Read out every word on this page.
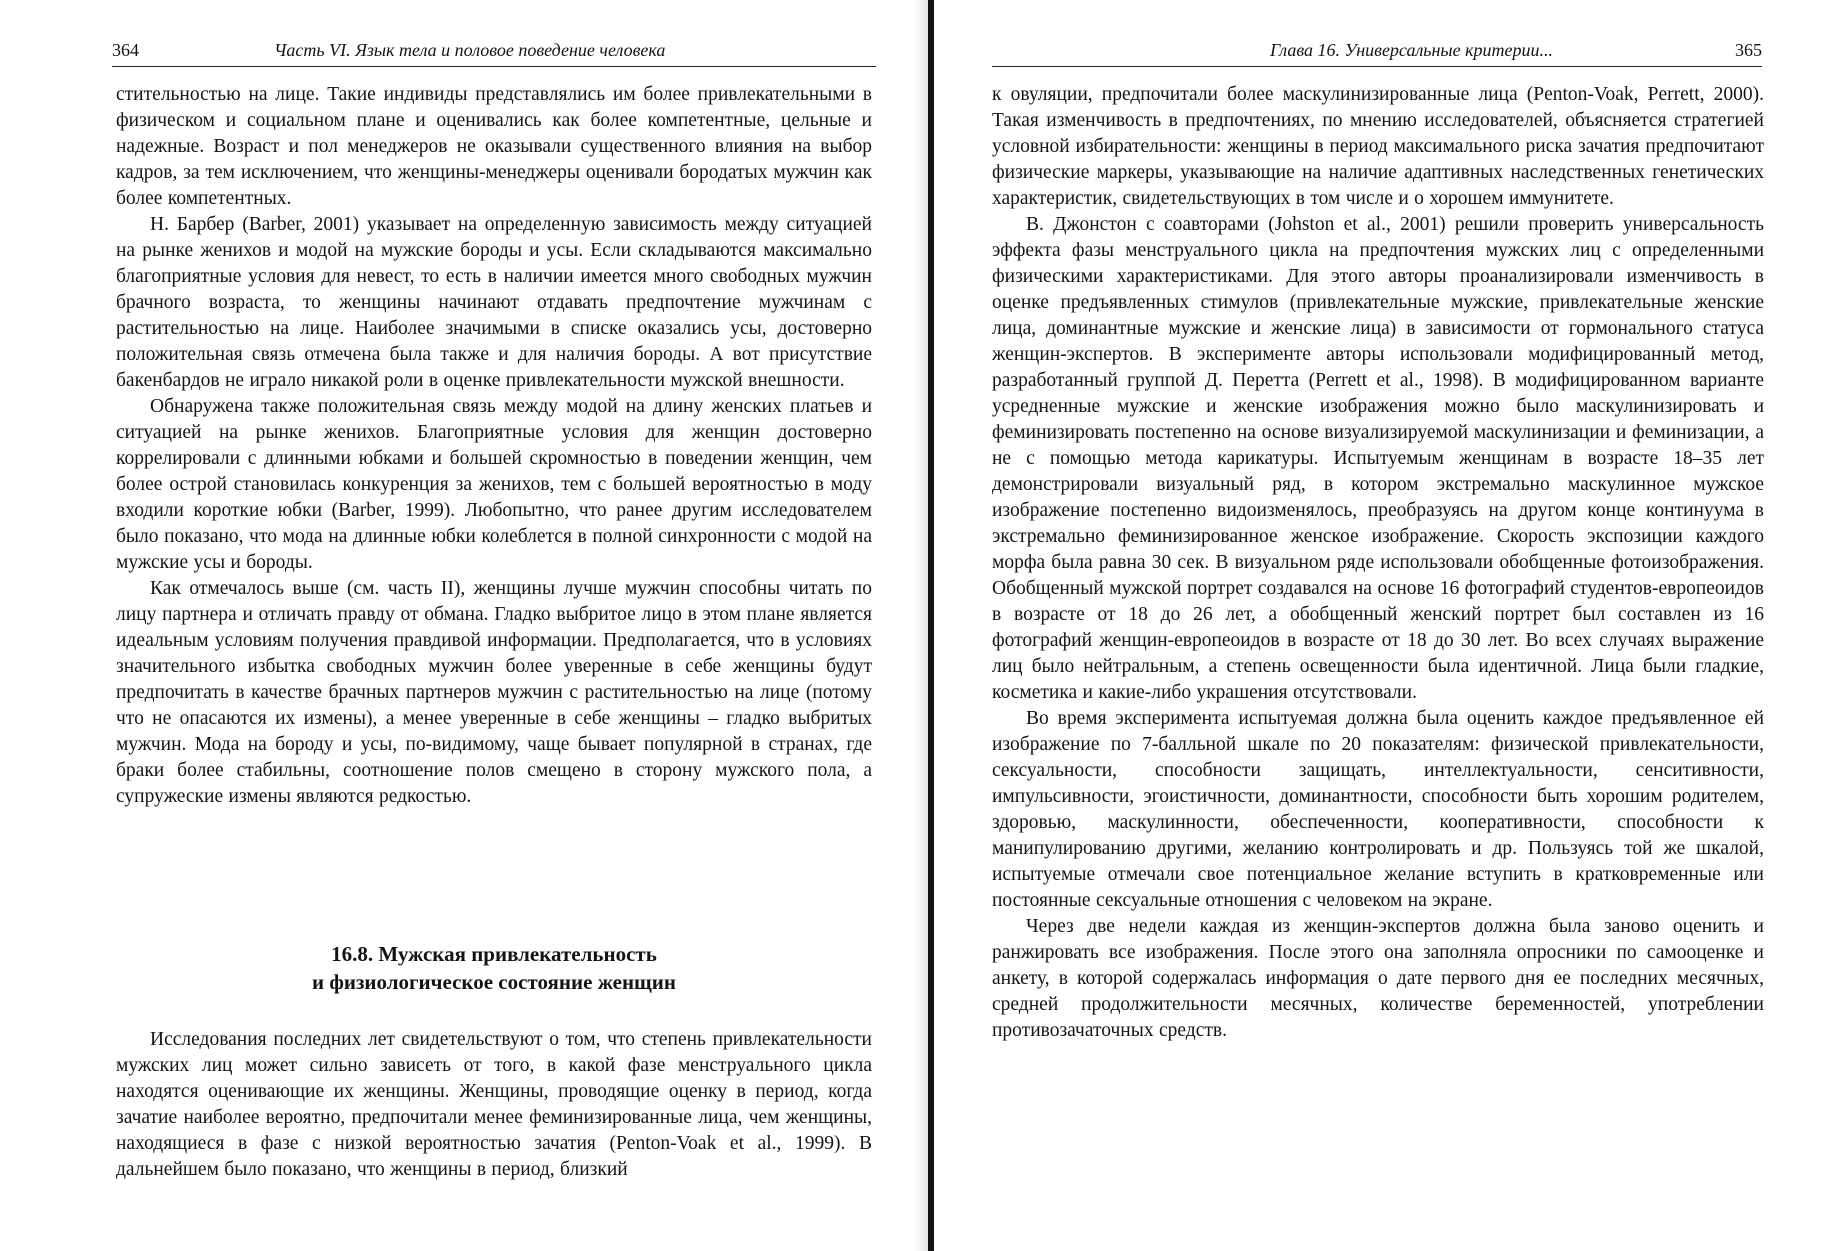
364	Часть VI. Язык тела и половое поведение человека

стительностью на лице. Такие индивиды представлялись им более привлекательными в физическом и социальном плане и оценивались как более компетентные, цельные и надежные. Возраст и пол менеджеров не оказывали существенного влияния на выбор кадров, за тем исключением, что женщины-менеджеры оценивали бородатых мужчин как более компетентных.

Н. Барбер (Barber, 2001) указывает на определенную зависимость между ситуацией на рынке женихов и модой на мужские бороды и усы. Если складываются максимально благоприятные условия для невест, то есть в наличии имеется много свободных мужчин брачного возраста, то женщины начинают отдавать предпочтение мужчинам с растительностью на лице. Наиболее значимыми в списке оказались усы, достоверно положительная связь отмечена была также и для наличия бороды. А вот присутствие бакенбардов не играло никакой роли в оценке привлекательности мужской внешности.

Обнаружена также положительная связь между модой на длину женских платьев и ситуацией на рынке женихов. Благоприятные условия для женщин достоверно коррелировали с длинными юбками и большей скромностью в поведении женщин, чем более острой становилась конкуренция за женихов, тем с большей вероятностью в моду входили короткие юбки (Barber, 1999). Любопытно, что ранее другим исследователем было показано, что мода на длинные юбки колеблется в полной синхронности с модой на мужские усы и бороды.

Как отмечалось выше (см. часть II), женщины лучше мужчин способны читать по лицу партнера и отличать правду от обмана. Гладко выбритое лицо в этом плане является идеальным условиям получения правдивой информации. Предполагается, что в условиях значительного избытка свободных мужчин более уверенные в себе женщины будут предпочитать в качестве брачных партнеров мужчин с растительностью на лице (потому что не опасаются их измены), а менее уверенные в себе женщины – гладко выбритых мужчин. Мода на бороду и усы, по-видимому, чаще бывает популярной в странах, где браки более стабильны, соотношение полов смещено в сторону мужского пола, а супружеские измены являются редкостью.

16.8. Мужская привлекательность
и физиологическое состояние женщин

Исследования последних лет свидетельствуют о том, что степень привлекательности мужских лиц может сильно зависеть от того, в какой фазе менструального цикла находятся оценивающие их женщины. Женщины, проводящие оценку в период, когда зачатие наиболее вероятно, предпочитали менее феминизированные лица, чем женщины, находящиеся в фазе с низкой вероятностью зачатия (Penton-Voak et al., 1999). В дальнейшем было показано, что женщины в период, близкий

Глава 16. Универсальные критерии...	365

к овуляции, предпочитали более маскулинизированные лица (Penton-Voak, Perrett, 2000). Такая изменчивость в предпочтениях, по мнению исследователей, объясняется стратегией условной избирательности: женщины в период максимального риска зачатия предпочитают физические маркеры, указывающие на наличие адаптивных наследственных генетических характеристик, свидетельствующих в том числе и о хорошем иммунитете.

В. Джонстон с соавторами (Johston et al., 2001) решили проверить универсальность эффекта фазы менструального цикла на предпочтения мужских лиц с определенными физическими характеристиками. Для этого авторы проанализировали изменчивость в оценке предъявленных стимулов (привлекательные мужские, привлекательные женские лица, доминантные мужские и женские лица) в зависимости от гормонального статуса женщин-экспертов. В эксперименте авторы использовали модифицированный метод, разработанный группой Д. Перетта (Perrett et al., 1998). В модифицированном варианте усредненные мужские и женские изображения можно было маскулинизировать и феминизировать постепенно на основе визуализируемой маскулинизации и феминизации, а не с помощью метода карикатуры. Испытуемым женщинам в возрасте 18–35 лет демонстрировали визуальный ряд, в котором экстремально маскулинное мужское изображение постепенно видоизменялось, преобразуясь на другом конце континуума в экстремально феминизированное женское изображение. Скорость экспозиции каждого морфа была равна 30 сек. В визуальном ряде использовали обобщенные фотоизображения. Обобщенный мужской портрет создавался на основе 16 фотографий студентов-европеоидов в возрасте от 18 до 26 лет, а обобщенный женский портрет был составлен из 16 фотографий женщин-европеоидов в возрасте от 18 до 30 лет. Во всех случаях выражение лиц было нейтральным, а степень освещенности была идентичной. Лица были гладкие, косметика и какие-либо украшения отсутствовали.

Во время эксперимента испытуемая должна была оценить каждое предъявленное ей изображение по 7-балльной шкале по 20 показателям: физической привлекательности, сексуальности, способности защищать, интеллектуальности, сенситивности, импульсивности, эгоистичности, доминантности, способности быть хорошим родителем, здоровью, маскулинности, обеспеченности, кооперативности, способности к манипулированию другими, желанию контролировать и др. Пользуясь той же шкалой, испытуемые отмечали свое потенциальное желание вступить в кратковременные или постоянные сексуальные отношения с человеком на экране.

Через две недели каждая из женщин-экспертов должна была заново оценить и ранжировать все изображения. После этого она заполняла опросники по самооценке и анкету, в которой содержалась информация о дате первого дня ее последних месячных, средней продолжительности месячных, количестве беременностей, употреблении противозачаточных средств.
